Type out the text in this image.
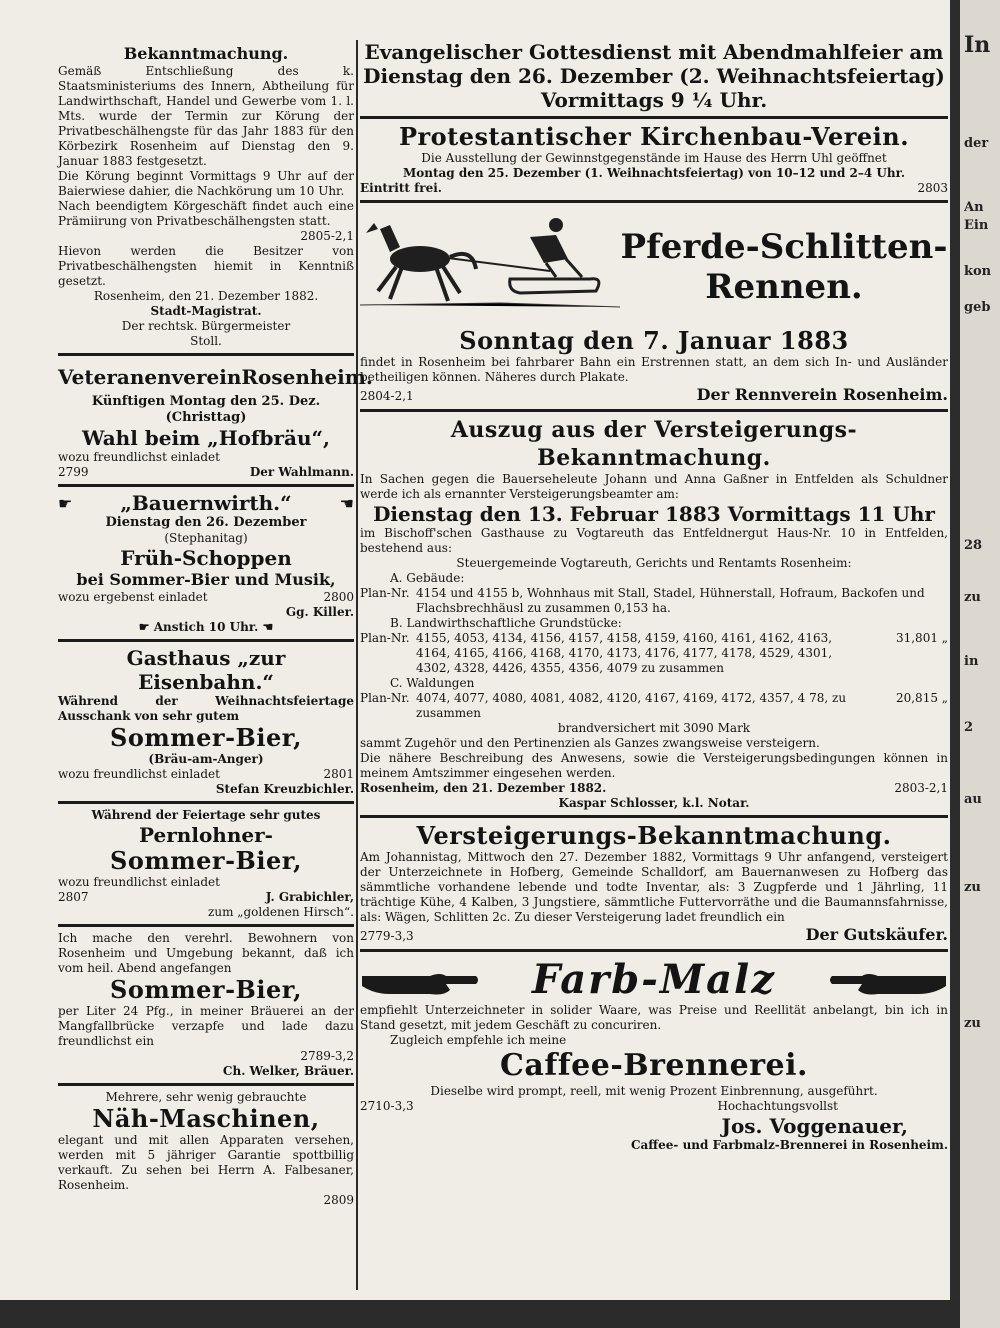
Bekanntmachung.

Gemäß Entschließung des k. Staatsministeriums des Innern, Abtheilung für Landwirthschaft, Handel und Gewerbe vom 1. l. Mts. wurde der Termin zur Körung der Privatbeschälhengste für das Jahr 1883 für den Körbezirk Rosenheim auf Dienstag den 9. Januar 1883 festgesetzt.

Die Körung beginnt Vormittags 9 Uhr auf der Baierwiese dahier, die Nachkörung um 10 Uhr.

Nach beendigtem Körgeschäft findet auch eine Prämiirung von Privatbeschälhengsten statt.

2805-2,1

Hievon werden die Besitzer von Privatbeschälhengsten hiemit in Kenntniß gesetzt.

Rosenheim, den 21. Dezember 1882.
Stadt-Magistrat.
Der rechtsk. Bürgermeister
Stoll.
Veteranenverein Rosenheim.
Künftigen Montag den 25. Dez.
(Christtag)
Wahl beim „Hofbräu“,
wozu freundlichst einladet
2799	Der Wahlmann.
☛ „Bauernwirth.“	☚
Dienstag den 26. Dezember
(Stephanitag)
Früh-Schoppen
bei Sommer-Bier und Musik,
wozu ergebenst einladet	2800
Gg. Killer.
☛ Anstich 10 Uhr. ☚
Gasthaus „zur Eisenbahn.“

Während der Weihnachtsfeiertage Ausschank von sehr gutem

Sommer-Bier,
(Bräu-am-Anger)
wozu freundlichst einladet	2801
Stefan Kreuzbichler.
Während der Feiertage sehr gutes
Pernlohner-
Sommer-Bier,
wozu freundlichst einladet
2807	J. Grabichler,
zum „goldenen Hirsch“.

Ich mache den verehrl. Bewohnern von Rosenheim und Umgebung bekannt, daß ich vom heil. Abend angefangen

Sommer-Bier,

per Liter 24 Pfg., in meiner Bräuerei an der Mangfallbrücke verzapfe und lade dazu freundlichst ein

2789-3,2
Ch. Welker, Bräuer.
Mehrere, sehr wenig gebrauchte
Näh-Maschinen,

elegant und mit allen Apparaten versehen, werden mit 5 jähriger Garantie spottbillig verkauft. Zu sehen bei Herrn A. Falbesaner, Rosenheim.

2809
Evangelischer Gottesdienst mit Abendmahlfeier am
Dienstag den 26. Dezember (2. Weihnachtsfeiertag)
Vormittags 9 ¼ Uhr.
Protestantischer Kirchenbau-Verein.
Die Ausstellung der Gewinnstgegenstände im Hause des Herrn Uhl geöffnet
Montag den 25. Dezember (1. Weihnachtsfeiertag) von 10–12 und 2–4 Uhr.
Eintritt frei.	2803
Pferde-Schlitten-
Rennen.
Sonntag den 7. Januar 1883

findet in Rosenheim bei fahrbarer Bahn ein Erstrennen statt, an dem sich In- und Ausländer betheiligen können. Näheres durch Plakate.

2804-2,1	Der Rennverein Rosenheim.
Auszug aus der Versteigerungs-Bekanntmachung.

In Sachen gegen die Bauerseheleute Johann und Anna Gaßner in Entfelden als Schuldner werde ich als ernannter Versteigerungsbeamter am:

Dienstag den 13. Februar 1883 Vormittags 11 Uhr

im Bischoff'schen Gasthause zu Vogtareuth das Entfeldnergut Haus-Nr. 10 in Entfelden, bestehend aus:

Steuergemeinde Vogtareuth, Gerichts und Rentamts Rosenheim:
A. Gebäude:
Plan-Nr. 4154 und 4155 b, Wohnhaus mit Stall, Stadel, Hühnerstall, Hofraum, Backofen und Flachsbrechhäusl zu zusammen 0,153 ha.
B. Landwirthschaftliche Grundstücke:
Plan-Nr. 4155, 4053, 4134, 4156, 4157, 4158, 4159, 4160, 4161, 4162, 4163, 4164, 4165, 4166, 4168, 4170, 4173, 4176, 4177, 4178, 4529, 4301, 4302, 4328, 4426, 4355, 4356, 4079 zu zusammen
31,801 „
C. Waldungen
Plan-Nr. 4074, 4077, 4080, 4081, 4082, 4120, 4167, 4169, 4172, 4357, 4 78, zu zusammen
20,815 „
brandversichert mit 3090 Mark

sammt Zugehör und den Pertinenzien als Ganzes zwangsweise versteigern.

Die nähere Beschreibung des Anwesens, sowie die Versteigerungsbedingungen können in meinem Amtszimmer eingesehen werden.

Rosenheim, den 21. Dezember 1882.	2803-2,1
Kaspar Schlosser, k.l. Notar.
Versteigerungs-Bekanntmachung.

Am Johannistag, Mittwoch den 27. Dezember 1882, Vormittags 9 Uhr anfangend, versteigert der Unterzeichnete in Hofberg, Gemeinde Schalldorf, am Bauernanwesen zu Hofberg das sämmtliche vorhandene lebende und todte Inventar, als: 3 Zugpferde und 1 Jährling, 11 trächtige Kühe, 4 Kalben, 3 Jungstiere, sämmtliche Futtervorräthe und die Baumannsfahrnisse, als: Wägen, Schlitten 2c. Zu dieser Versteigerung ladet freundlich ein

2779-3,3	Der Gutskäufer.
Farb-Malz

empfiehlt Unterzeichneter in solider Waare, was Preise und Reellität anbelangt, bin ich in Stand gesetzt, mit jedem Geschäft zu concuriren.

Zugleich empfehle ich meine
Caffee-Brennerei.
Dieselbe wird prompt, reell, mit wenig Prozent Einbrennung, ausgeführt.
2710-3,3	Hochachtungsvollst
Jos. Voggenauer,
Caffee- und Farbmalz-Brennerei in Rosenheim.
In
der
An
Ein
kon
geb
28
zu
in
2
au
zu
zu
